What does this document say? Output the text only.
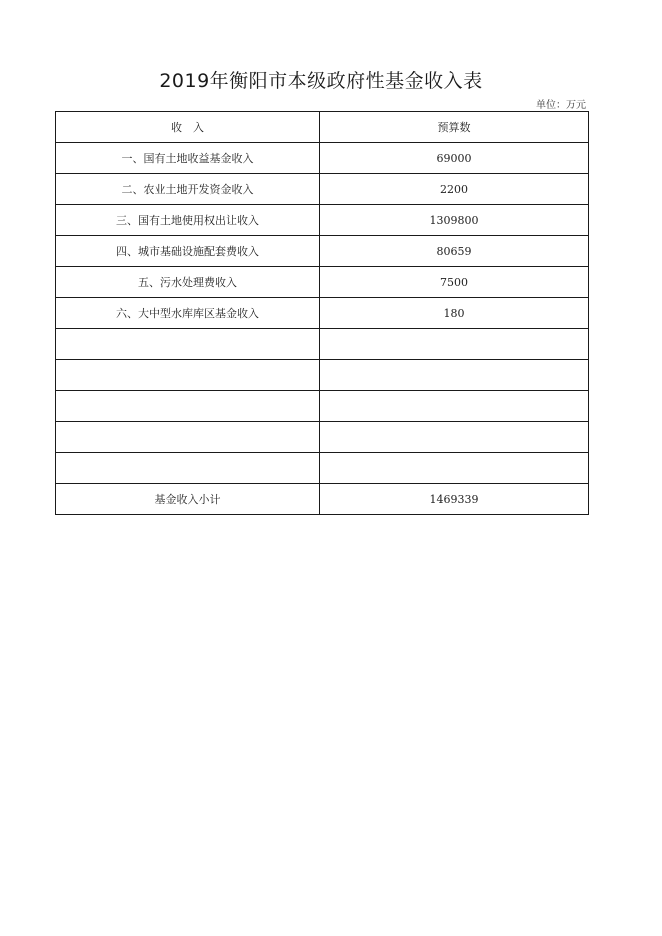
2019年衡阳市本级政府性基金收入表
单位：万元
收　入	预算数
一、国有土地收益基金收入	69000
二、农业土地开发资金收入	2200
三、国有土地使用权出让收入	1309800
四、城市基础设施配套费收入	80659
五、污水处理费收入	7500
六、大中型水库库区基金收入	180

基金收入小计	1469339
